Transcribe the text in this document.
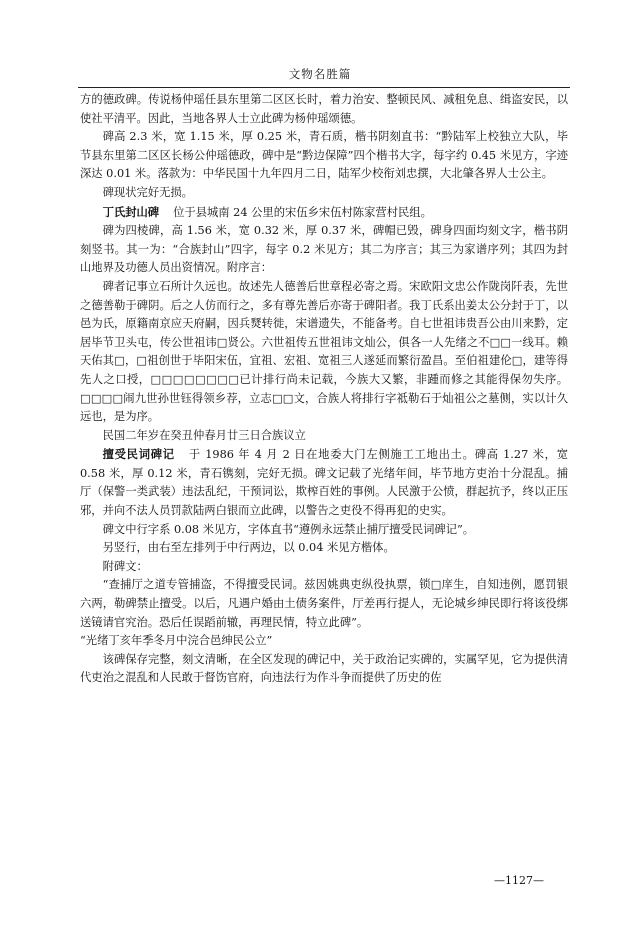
文物名胜篇

方的德政碑。传说杨仲瑶任县东里第二区区长时，着力治安、整顿民风、减租免息、缉盗安民，以使社平清平。因此，当地各界人士立此碑为杨仲瑶颂德。

碑高 2.3 米，宽 1.15 米，厚 0.25 米，青石质，楷书阴刻直书：“黔陆军上校独立大队，毕节县东里第二区区长杨公仲瑶德政，碑中是“黔边保障”四个楷书大字，每字约 0.45 米见方，字迹深达 0.01 米。落款为：中华民国十九年四月二日，陆军少校衔刘忠撰，大北肇各界人士公主。

碑现状完好无损。

丁氏封山碑 位于县城南 24 公里的宋伍乡宋伍村陈家营村民组。

碑为四棱碑，高 1.56 米，宽 0.32 米，厚 0.37 米，碑帽已毁，碑身四面均刻文字，楷书阴刻竖书。其一为：“合族封山”四字，每字 0.2 米见方；其二为序言；其三为家谱序列；其四为封山地界及功德人员出资情况。附序言：

碑者记事立石所计久远也。故述先人德善后世章程必寄之焉。宋欧阳文忠公作陇岗阡表，先世之德善勒于碑阴。后之人仿而行之，多有尊先善后亦寄于碑阳者。我丁氏系出姜太公分封于丁，以邑为氏，原籍南京应天府嗣，因兵燹转徙，宋谱遗失，不能备考。自七世祖讳贵吾公由川来黔，定居毕节卫头屯，传公世祖讳□贤公。六世祖传五世祖讳文灿公，俱各一人先绪之不□□一线耳。赖天佑其□，□祖创世于毕阳宋伍，宜祖、宏祖、宽祖三人遂延而繁衍盈昌。至伯祖建伦□，建等得先人之口授，□□□□□□□□已计排行尚未记载，今族大又繁，非踵而修之其能得保勿失序。□□□□闹九世孙世钰得领乡荐，立志□□文，合族人将排行字祗勒石于灿祖公之墓侧，实以计久远也，是为序。

民国二年岁在癸丑仲春月廿三日合族议立

擅受民词碑记 于 1986 年 4 月 2 日在地委大门左侧施工工地出土。碑高 1.27 米，宽 0.58 米，厚 0.12 米，青石镌刻，完好无损。碑文记载了光绪年间，毕节地方吏治十分混乱。捕厅（保警一类武装）违法乱纪，干预词讼，欺榨百姓的事例。人民激于公愤，群起抗予，终以正压邪，并向不法人员罚款陆两白银而立此碑，以警告之吏役不得再犯的史实。

碑文中行字系 0.08 米见方，字体直书“遵例永远禁止捕厅擅受民词碑记”。

另竖行，由右至左排列于中行两边，以 0.04 米见方楷体。

附碑文：

“查捕厅之道专管捕盗，不得擅受民词。兹因姚典吏纵役执票，锁□庠生，自知违例，愿罚银六两，勒碑禁止擅受。以后，凡遇户婚由土债务案件，厅差再行提人，无论城乡绅民即行将该役绑送镜请官究治。恐后任误蹈前辙，再理民情，特立此碑”。

“光绪丁亥年季冬月中浣合邑绅民公立”

该碑保存完整，刻文清晰，在全区发现的碑记中，关于政治记实碑的，实属罕见，它为提供清代吏治之混乱和人民敢于督饬官府，向违法行为作斗争而提供了历史的佐

—1127—
